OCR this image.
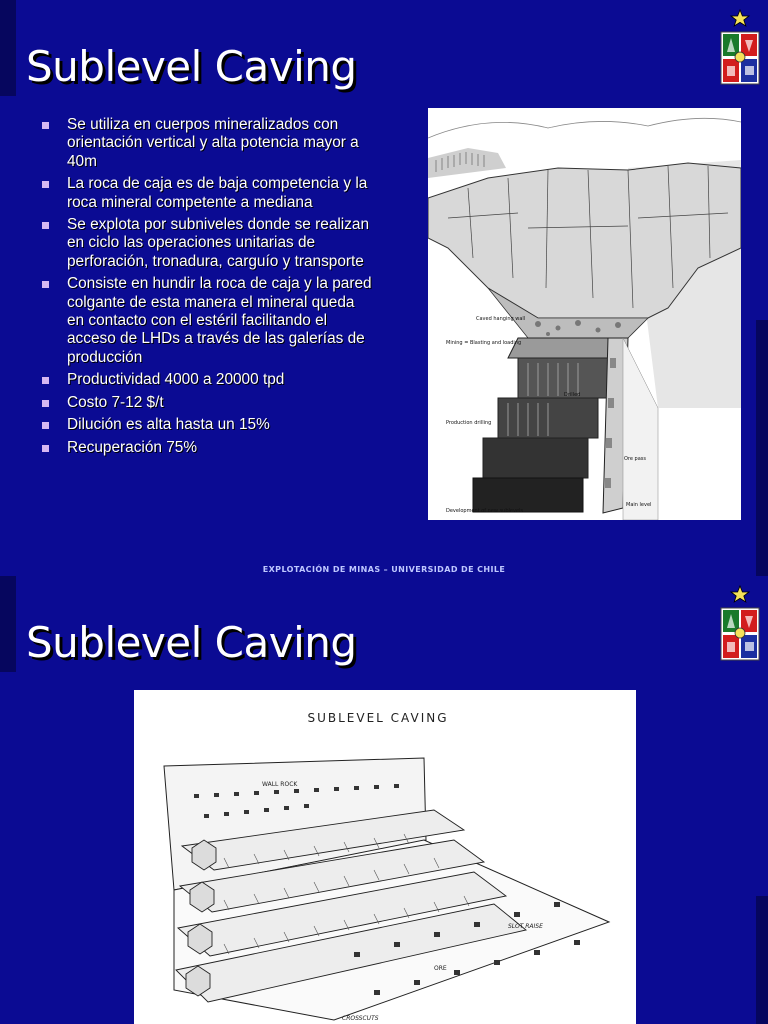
Sublevel Caving
Se utiliza en cuerpos mineralizados con orientación vertical y alta potencia mayor a 40m
La roca de caja es de baja competencia y la roca mineral competente a mediana
Se explota por subniveles donde se realizan en ciclo las operaciones unitarias de perforación, tronadura, carguío y transporte
Consiste en hundir la roca de caja y la pared colgante de esta manera el mineral queda en contacto con el estéril facilitando el acceso de LHDs a través de las galerías de producción
Productividad 4000 a 20000 tpd
Costo 7-12 $/t
Dilución es alta hasta un 15%
Recuperación 75%
Caved hanging wall
Mining = Blasting and loading
Drilled
Production drilling
Ore pass
Main level
Development of new sublevels
EXPLOTACIÓN DE MINAS – UNIVERSIDAD DE CHILE
Sublevel Caving
SUBLEVEL CAVING
WALL ROCK
SLOT RAISE
ORE
CROSSCUTS
